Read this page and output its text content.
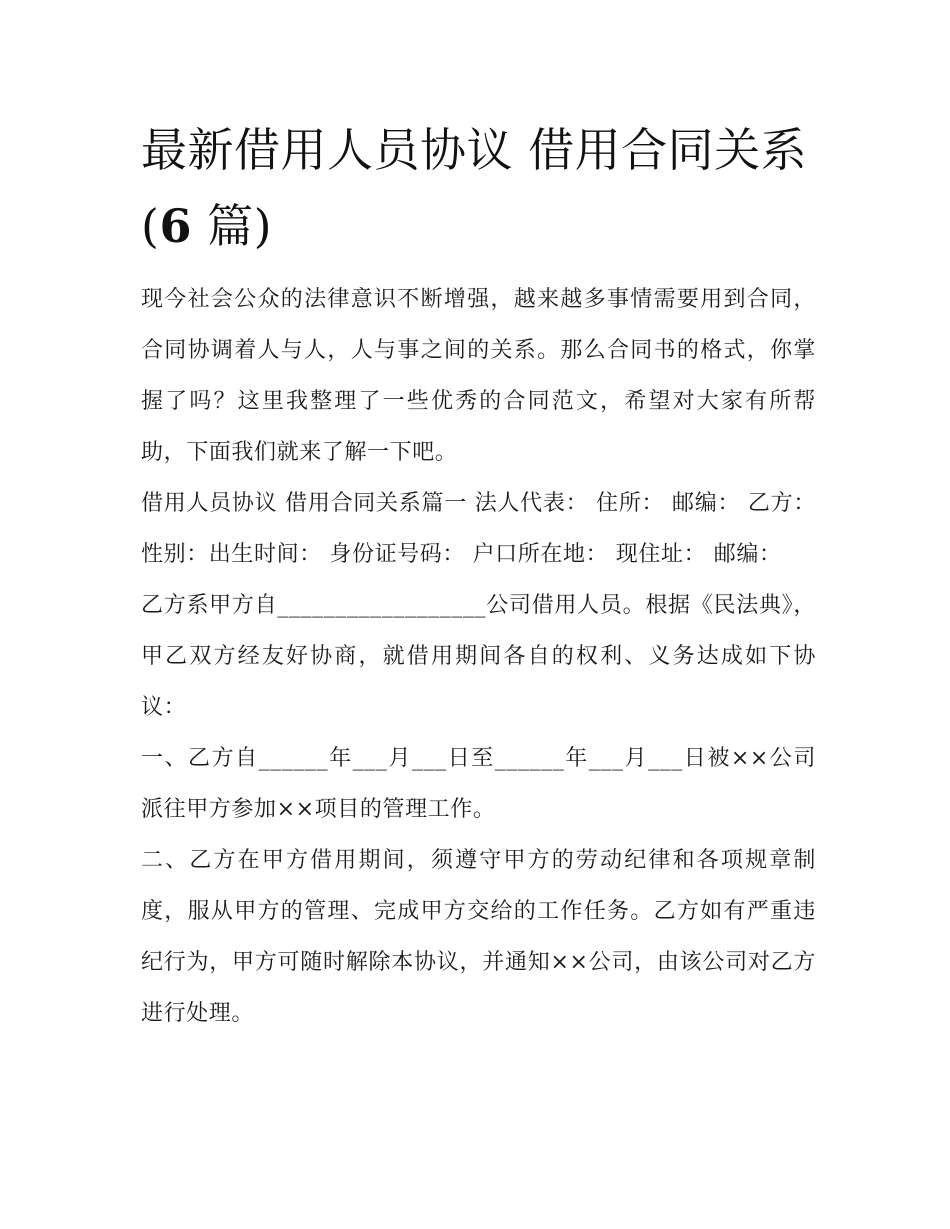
最新借用人员协议 借用合同关系(6 篇)

现今社会公众的法律意识不断增强，越来越多事情需要用到合同，合同协调着人与人，人与事之间的关系。那么合同书的格式，你掌握了吗？这里我整理了一些优秀的合同范文，希望对大家有所帮助，下面我们就来了解一下吧。

借用人员协议 借用合同关系篇一 法人代表： 住所： 邮编： 乙方：性别：出生时间： 身份证号码： 户口所在地： 现住址： 邮编：

乙方系甲方自__________________公司借用人员。根据《民法典》，甲乙双方经友好协商，就借用期间各自的权利、义务达成如下协议：

一、乙方自______年___月___日至______年___月___日被××公司派往甲方参加××项目的管理工作。

二、乙方在甲方借用期间，须遵守甲方的劳动纪律和各项规章制度，服从甲方的管理、完成甲方交给的工作任务。乙方如有严重违纪行为，甲方可随时解除本协议，并通知××公司，由该公司对乙方进行处理。
